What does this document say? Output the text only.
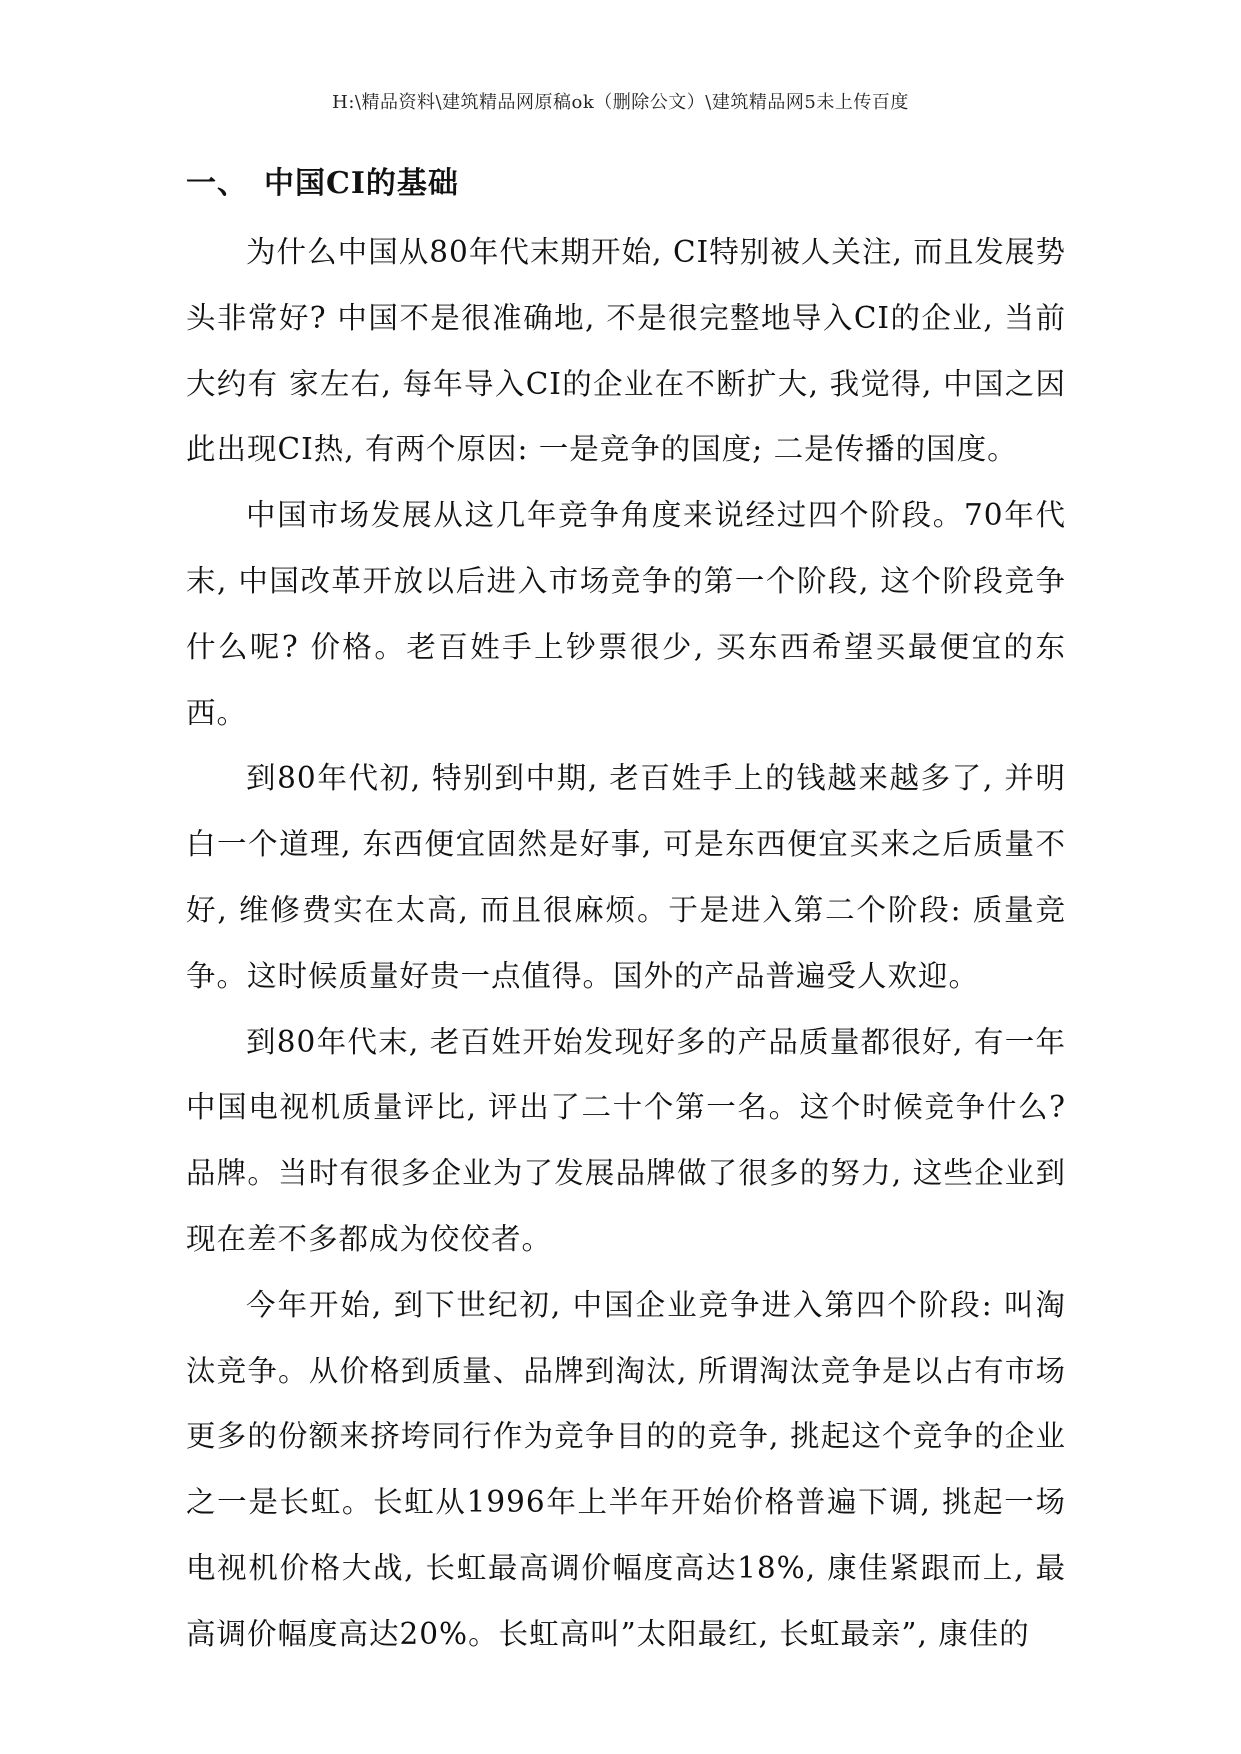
H:\精品资料\建筑精品网原稿ok（删除公文）\建筑精品网5未上传百度
一、 中国CI的基础

为什么中国从80年代末期开始, CI特别被人关注, 而且发展势头非常好? 中国不是很准确地, 不是很完整地导入CI的企业, 当前大约有 家左右, 每年导入CI的企业在不断扩大, 我觉得, 中国之因此出现CI热, 有两个原因: 一是竞争的国度; 二是传播的国度。

中国市场发展从这几年竞争角度来说经过四个阶段。70年代末, 中国改革开放以后进入市场竞争的第一个阶段, 这个阶段竞争什么呢? 价格。老百姓手上钞票很少, 买东西希望买最便宜的东西。

到80年代初, 特别到中期, 老百姓手上的钱越来越多了, 并明白一个道理, 东西便宜固然是好事, 可是东西便宜买来之后质量不好, 维修费实在太高, 而且很麻烦。于是进入第二个阶段: 质量竞争。这时候质量好贵一点值得。国外的产品普遍受人欢迎。

到80年代末, 老百姓开始发现好多的产品质量都很好, 有一年中国电视机质量评比, 评出了二十个第一名。这个时候竞争什么? 品牌。当时有很多企业为了发展品牌做了很多的努力, 这些企业到现在差不多都成为佼佼者。

今年开始, 到下世纪初, 中国企业竞争进入第四个阶段: 叫淘汰竞争。从价格到质量、品牌到淘汰, 所谓淘汰竞争是以占有市场更多的份额来挤垮同行作为竞争目的的竞争, 挑起这个竞争的企业之一是长虹。长虹从1996年上半年开始价格普遍下调, 挑起一场电视机价格大战, 长虹最高调价幅度高达18%, 康佳紧跟而上, 最高调价幅度高达20%。长虹高叫”太阳最红, 长虹最亲”, 康佳的
